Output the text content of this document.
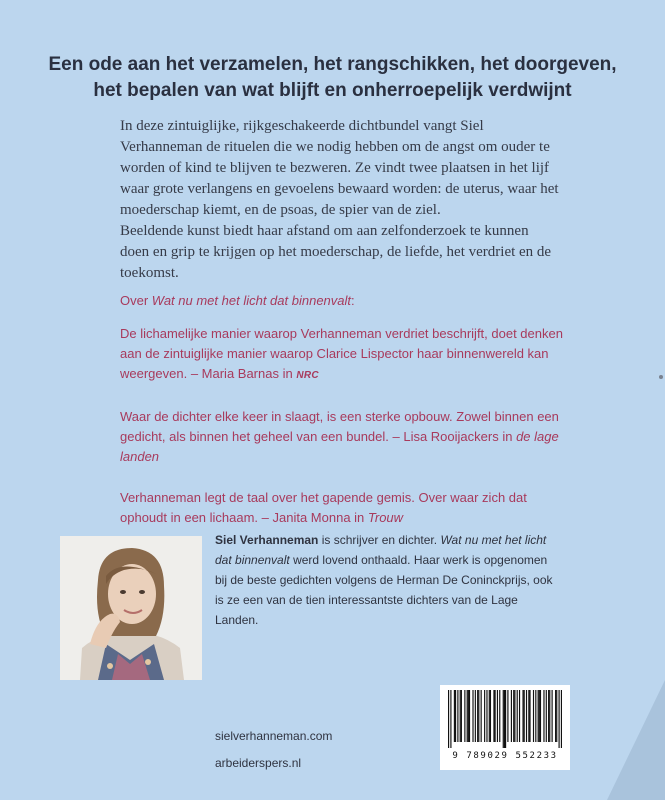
Een ode aan het verzamelen, het rangschikken, het doorgeven,
het bepalen van wat blijft en onherroepelijk verdwijnt

In deze zintuiglijke, rijkgeschakeerde dichtbundel vangt Siel Verhanneman de rituelen die we nodig hebben om de angst om ouder te worden of kind te blijven te bezweren. Ze vindt twee plaatsen in het lijf waar grote verlangens en gevoelens bewaard worden: de uterus, waar het moederschap kiemt, en de psoas, de spier van de ziel.

Beeldende kunst biedt haar afstand om aan zelfonderzoek te kunnen doen en grip te krijgen op het moederschap, de liefde, het verdriet en de toekomst.

Over Wat nu met het licht dat binnenvalt:

De lichamelijke manier waarop Verhanneman verdriet beschrijft, doet denken aan de zintuiglijke manier waarop Clarice Lispector haar binnenwereld kan weergeven. – Maria Barnas in NRC

Waar de dichter elke keer in slaagt, is een sterke opbouw. Zowel binnen een gedicht, als binnen het geheel van een bundel. – Lisa Rooijackers in de lage landen

Verhanneman legt de taal over het gapende gemis. Over waar zich dat ophoudt in een lichaam. – Janita Monna in Trouw

Siel Verhanneman is schrijver en dichter. Wat nu met het licht dat binnenvalt werd lovend onthaald. Haar werk is opgenomen bij de beste gedichten volgens de Herman De Coninckprijs, ook is ze een van de tien interessantste dichters van de Lage Landen.

sielverhanneman.com
arbeiderspers.nl	9 789029 552233
